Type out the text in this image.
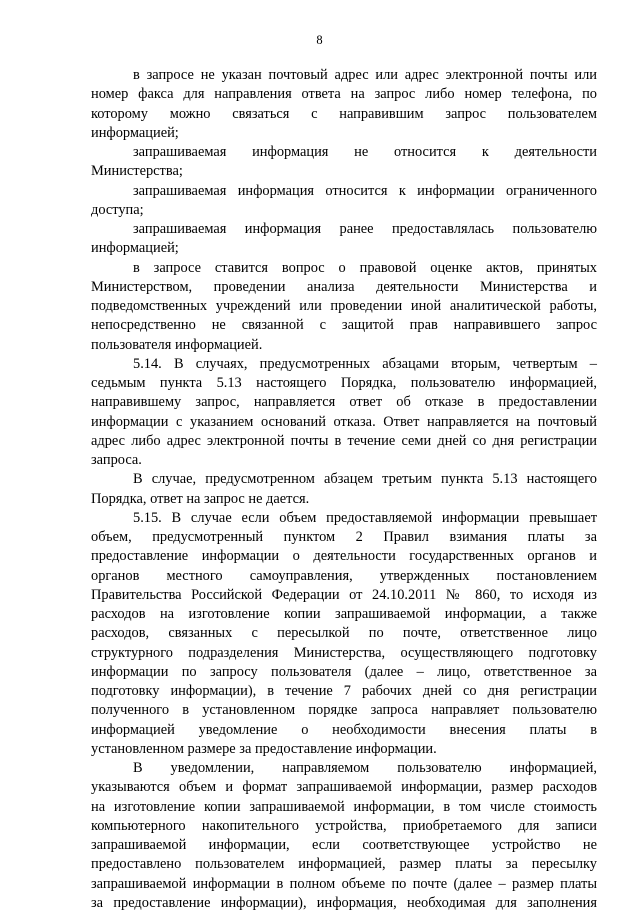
8
в запросе не указан почтовый адрес или адрес электронной почты или
номер факса для направления ответа на запрос либо номер телефона, по
которому можно связаться с направившим запрос пользователем
информацией;
запрашиваемая информация не относится к деятельности
Министерства;
запрашиваемая информация относится к информации ограниченного
доступа;
запрашиваемая информация ранее предоставлялась пользователю
информацией;
в запросе ставится вопрос о правовой оценке актов, принятых
Министерством, проведении анализа деятельности Министерства и
подведомственных учреждений или проведении иной аналитической работы,
непосредственно не связанной с защитой прав направившего запрос
пользователя информацией.
5.14. В случаях, предусмотренных абзацами вторым, четвертым –
седьмым пункта 5.13 настоящего Порядка, пользователю информацией,
направившему запрос, направляется ответ об отказе в предоставлении
информации с указанием оснований отказа. Ответ направляется на почтовый
адрес либо адрес электронной почты в течение семи дней со дня регистрации
запроса.
В случае, предусмотренном абзацем третьим пункта 5.13 настоящего
Порядка, ответ на запрос не дается.
5.15. В случае если объем предоставляемой информации превышает
объем, предусмотренный пунктом 2 Правил взимания платы за
предоставление информации о деятельности государственных органов и
органов местного самоуправления, утвержденных постановлением
Правительства Российской Федерации от 24.10.2011 № 860, то исходя из
расходов на изготовление копии запрашиваемой информации, а также
расходов, связанных с пересылкой по почте, ответственное лицо
структурного подразделения Министерства, осуществляющего подготовку
информации по запросу пользователя (далее – лицо, ответственное за
подготовку информации), в течение 7 рабочих дней со дня регистрации
полученного в установленном порядке запроса направляет пользователю
информацией уведомление о необходимости внесения платы в
установленном размере за предоставление информации.
В уведомлении, направляемом пользователю информацией,
указываются объем и формат запрашиваемой информации, размер расходов
на изготовление копии запрашиваемой информации, в том числе стоимость
компьютерного накопительного устройства, приобретаемого для записи
запрашиваемой информации, если соответствующее устройство не
предоставлено пользователем информацией, размер платы за пересылку
запрашиваемой информации в полном объеме по почте (далее – размер платы
за предоставление информации), информация, необходимая для заполнения
